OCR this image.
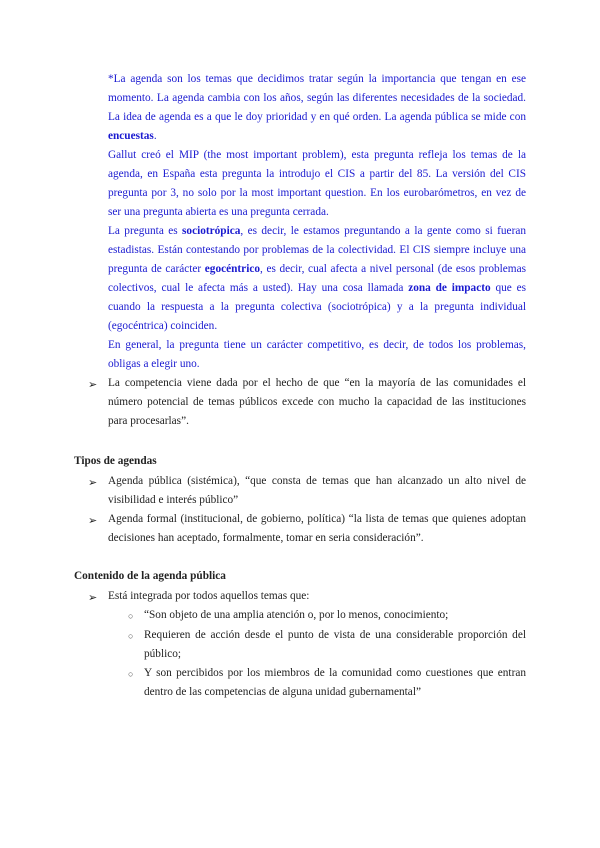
*La agenda son los temas que decidimos tratar según la importancia que tengan en ese momento. La agenda cambia con los años, según las diferentes necesidades de la sociedad. La idea de agenda es a que le doy prioridad y en qué orden. La agenda pública se mide con encuestas.

Gallut creó el MIP (the most important problem), esta pregunta refleja los temas de la agenda, en España esta pregunta la introdujo el CIS a partir del 85. La versión del CIS pregunta por 3, no solo por la most important question. En los eurobarómetros, en vez de ser una pregunta abierta es una pregunta cerrada.

La pregunta es sociotrópica, es decir, le estamos preguntando a la gente como si fueran estadistas. Están contestando por problemas de la colectividad. El CIS siempre incluye una pregunta de carácter egocéntrico, es decir, cual afecta a nivel personal (de esos problemas colectivos, cual le afecta más a usted). Hay una cosa llamada zona de impacto que es cuando la respuesta a la pregunta colectiva (sociotrópica) y a la pregunta individual (egocéntrica) coinciden.

En general, la pregunta tiene un carácter competitivo, es decir, de todos los problemas, obligas a elegir uno.

➢ La competencia viene dada por el hecho de que “en la mayoría de las comunidades el número potencial de temas públicos excede con mucho la capacidad de las instituciones para procesarlas”.

Tipos de agendas
➢ Agenda pública (sistémica), “que consta de temas que han alcanzado un alto nivel de visibilidad e interés público”

➢ Agenda formal (institucional, de gobierno, política) “la lista de temas que quienes adoptan decisiones han aceptado, formalmente, tomar en seria consideración”.

Contenido de la agenda pública
➢ Está integrada por todos aquellos temas que:

○ “Son objeto de una amplia atención o, por lo menos, conocimiento;

○ Requieren de acción desde el punto de vista de una considerable proporción del público;

○ Y son percibidos por los miembros de la comunidad como cuestiones que entran dentro de las competencias de alguna unidad gubernamental”
